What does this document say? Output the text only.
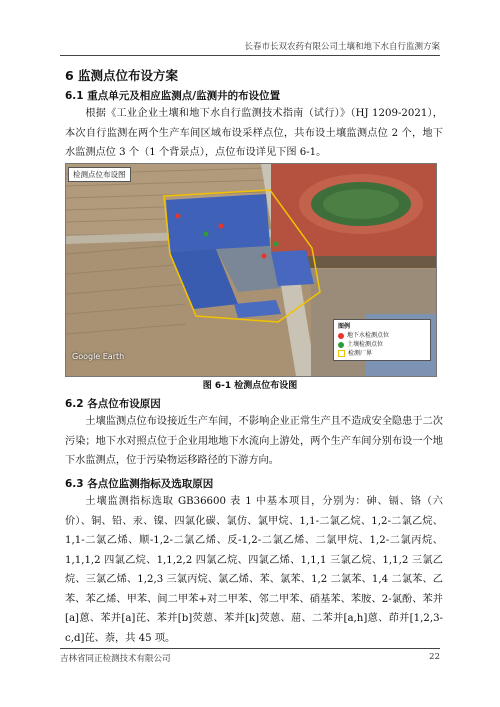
长春市长双农药有限公司土壤和地下水自行监测方案
6 监测点位布设方案
6.1 重点单元及相应监测点/监测井的布设位置

根据《工业企业土壤和地下水自行监测技术指南（试行）》（HJ 1209-2021），本次自行监测在两个生产车间区域布设采样点位，共布设土壤监测点位 2 个，地下水监测点位 3 个（1 个背景点），点位布设详见下图 6-1。

检测点位布设图
图例
地下水检测点位
土壤检测点位
检测厂界
Google Earth
图 6-1 检测点位布设图
6.2 各点位布设原因

土壤监测点位布设接近生产车间，不影响企业正常生产且不造成安全隐患于二次污染；地下水对照点位于企业用地地下水流向上游处，两个生产车间分别布设一个地下水监测点，位于污染物运移路径的下游方向。

6.3 各点位监测指标及选取原因

土壤监测指标选取 GB36600 表 1 中基本项目，分别为：砷、镉、铬（六价）、铜、铅、汞、镍、四氯化碳、氯仿、氯甲烷、1,1-二氯乙烷、1,2-二氯乙烷、1,1-二氯乙烯、顺-1,2-二氯乙烯、反-1,2-二氯乙烯、二氯甲烷、1,2-二氯丙烷、1,1,1,2 四氯乙烷、1,1,2,2 四氯乙烷、四氯乙烯、1,1,1 三氯乙烷、1,1,2 三氯乙烷、三氯乙烯、1,2,3 三氯丙烷、氯乙烯、苯、氯苯、1,2 二氯苯、1,4 二氯苯、乙苯、苯乙烯、甲苯、间二甲苯+对二甲苯、邻二甲苯、硝基苯、苯胺、2-氯酚、苯并[a]蒽、苯并[a]芘、苯并[b]荧蒽、苯并[k]荧蒽、䓛、二苯并[a,h]蒽、茚并[1,2,3-c,d]芘、萘，共 45 项。

吉林省同正检测技术有限公司	22
